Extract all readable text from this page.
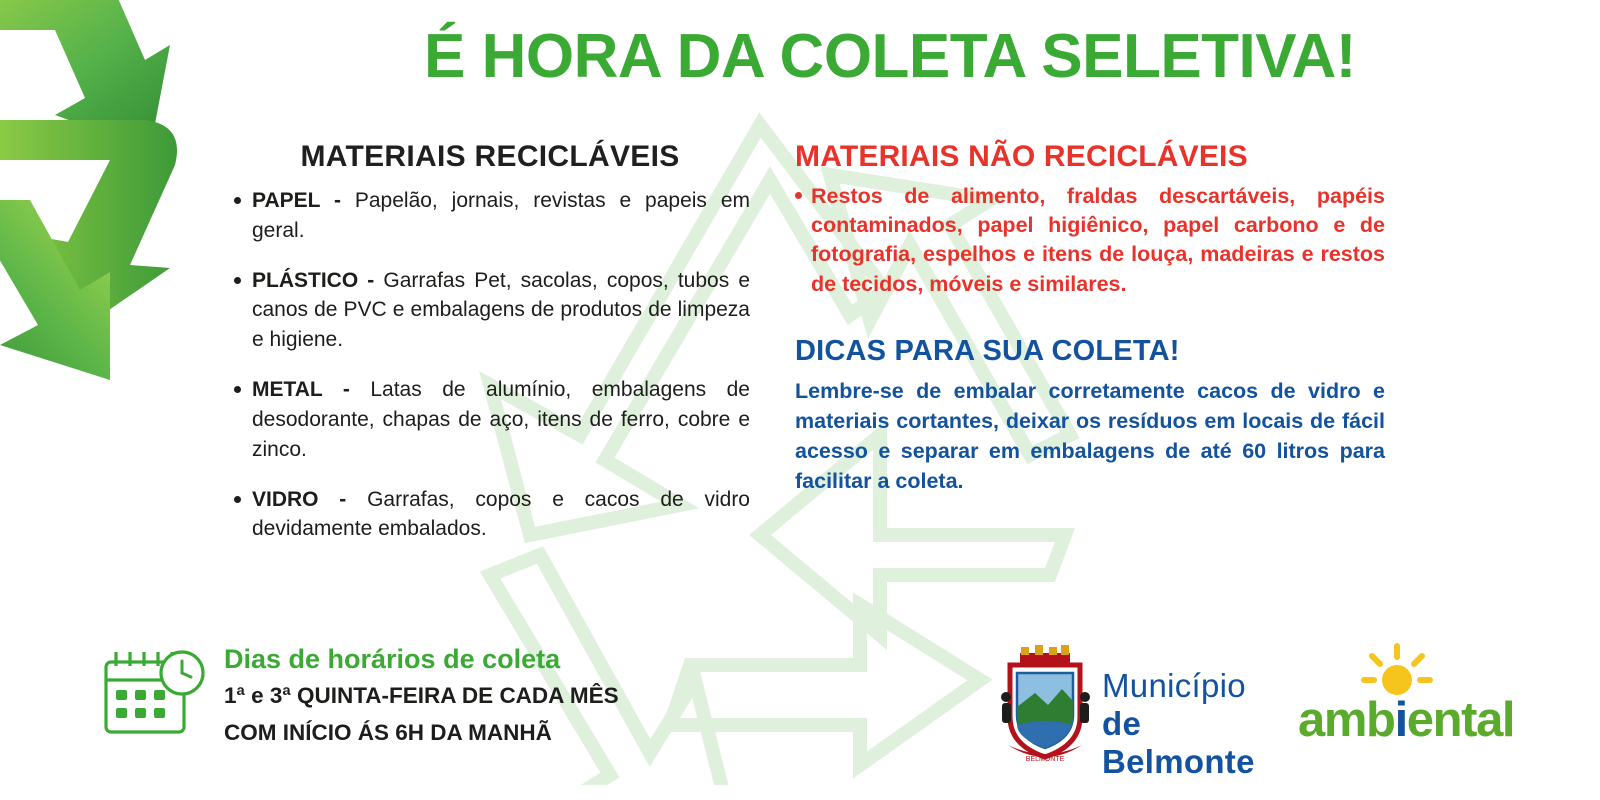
É HORA DA COLETA SELETIVA!
MATERIAIS RECICLÁVEIS
PAPEL - Papelão, jornais, revistas e papeis em geral.
PLÁSTICO - Garrafas Pet, sacolas, copos, tubos e canos de PVC e embalagens de produtos de limpeza e higiene.
METAL - Latas de alumínio, embalagens de desodorante, chapas de aço, itens de ferro, cobre e zinco.
VIDRO - Garrafas, copos e cacos de vidro devidamente embalados.
MATERIAIS NÃO RECICLÁVEIS

Restos de alimento, fraldas descartáveis, papéis contaminados, papel higiênico, papel carbono e de fotografia, espelhos e itens de louça, madeiras e restos de tecidos, móveis e similares.

DICAS PARA SUA COLETA!

Lembre-se de embalar corretamente cacos de vidro e materiais cortantes, deixar os resíduos em locais de fácil acesso e separar em embalagens de até 60 litros para facilitar a coleta.

Dias de horários de coleta
1ª e 3ª QUINTA-FEIRA DE CADA MÊS
COM INÍCIO ÁS 6H DA MANHÃ
BELMONTE
Município
de Belmonte
ambiental
